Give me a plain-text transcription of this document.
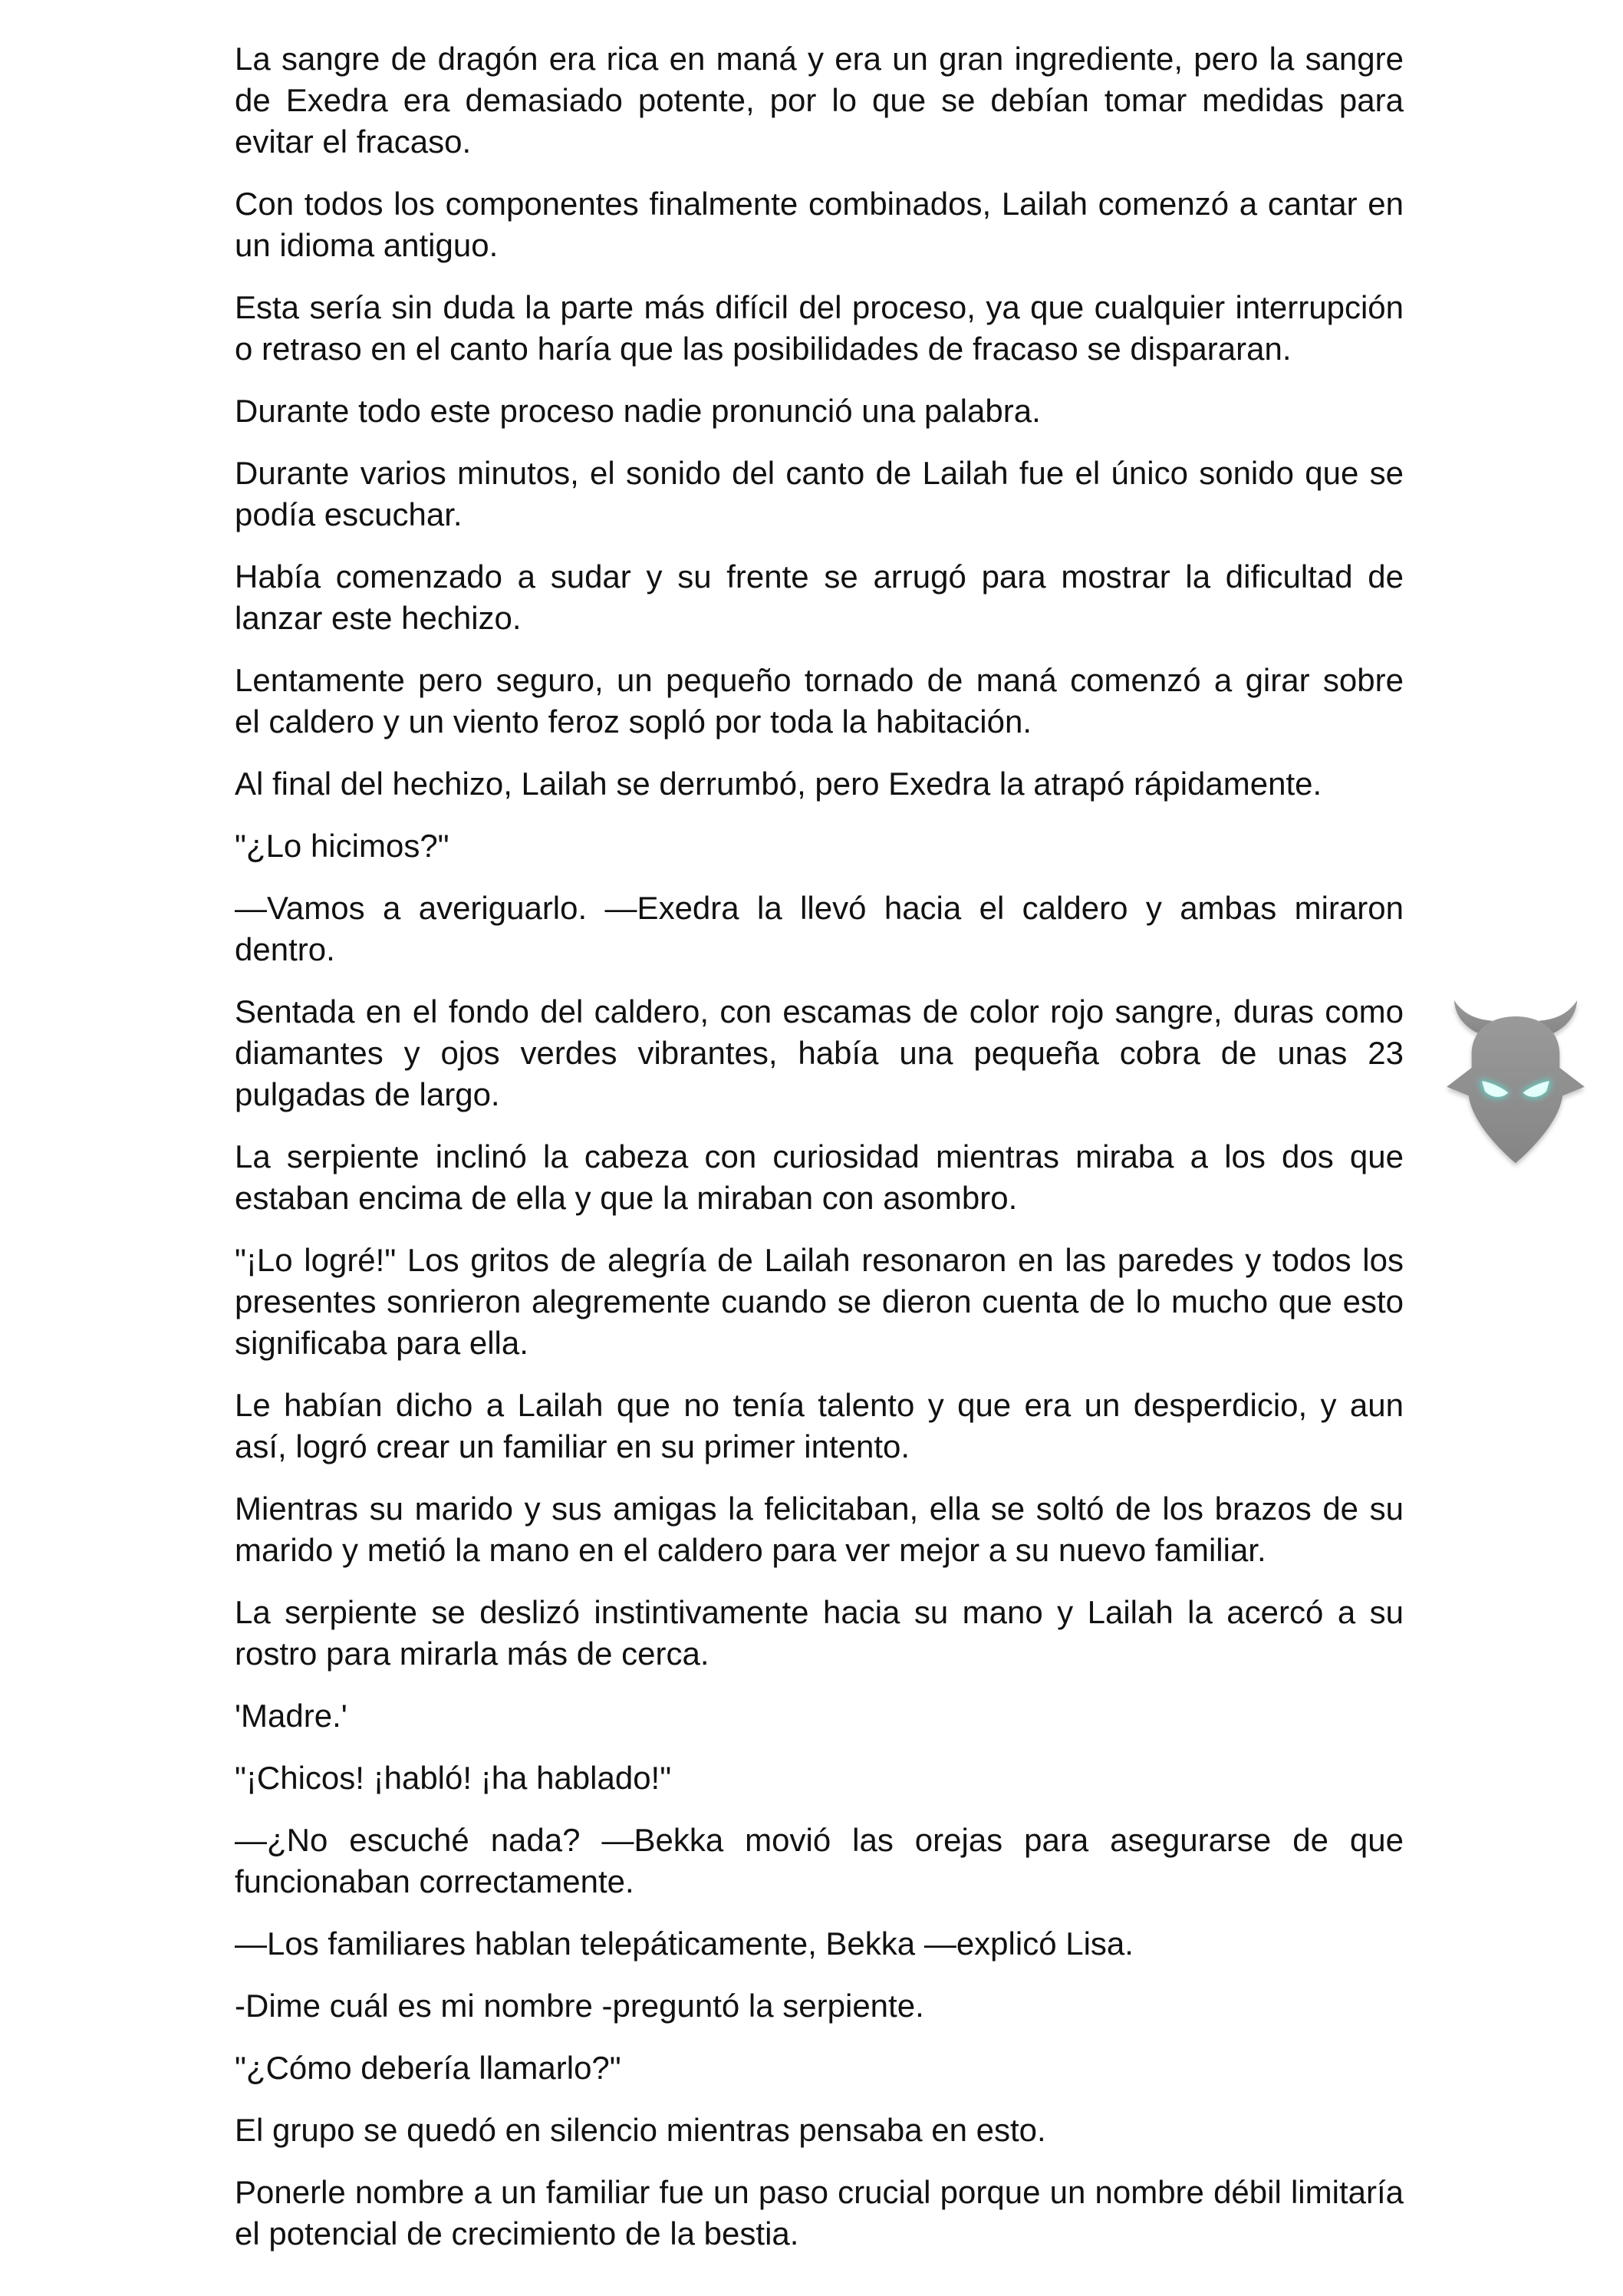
La sangre de dragón era rica en maná y era un gran ingrediente, pero la sangre
de Exedra era demasiado potente, por lo que se debían tomar medidas para
evitar el fracaso.

Con todos los componentes finalmente combinados, Lailah comenzó a cantar en
un idioma antiguo.

Esta sería sin duda la parte más difícil del proceso, ya que cualquier interrupción
o retraso en el canto haría que las posibilidades de fracaso se dispararan.

Durante todo este proceso nadie pronunció una palabra.

Durante varios minutos, el sonido del canto de Lailah fue el único sonido que se
podía escuchar.

Había comenzado a sudar y su frente se arrugó para mostrar la dificultad de
lanzar este hechizo.

Lentamente pero seguro, un pequeño tornado de maná comenzó a girar sobre
el caldero y un viento feroz sopló por toda la habitación.

Al final del hechizo, Lailah se derrumbó, pero Exedra la atrapó rápidamente.

"¿Lo hicimos?"

—Vamos a averiguarlo. —Exedra la llevó hacia el caldero y ambas miraron
dentro.

Sentada en el fondo del caldero, con escamas de color rojo sangre, duras como
diamantes y ojos verdes vibrantes, había una pequeña cobra de unas 23
pulgadas de largo.

La serpiente inclinó la cabeza con curiosidad mientras miraba a los dos que
estaban encima de ella y que la miraban con asombro.

"¡Lo logré!" Los gritos de alegría de Lailah resonaron en las paredes y todos los
presentes sonrieron alegremente cuando se dieron cuenta de lo mucho que esto
significaba para ella.

Le habían dicho a Lailah que no tenía talento y que era un desperdicio, y aun
así, logró crear un familiar en su primer intento.

Mientras su marido y sus amigas la felicitaban, ella se soltó de los brazos de su
marido y metió la mano en el caldero para ver mejor a su nuevo familiar.

La serpiente se deslizó instintivamente hacia su mano y Lailah la acercó a su
rostro para mirarla más de cerca.

'Madre.'

"¡Chicos! ¡habló! ¡ha hablado!"

—¿No escuché nada? —Bekka movió las orejas para asegurarse de que
funcionaban correctamente.

—Los familiares hablan telepáticamente, Bekka —explicó Lisa.

-Dime cuál es mi nombre -preguntó la serpiente.

"¿Cómo debería llamarlo?"

El grupo se quedó en silencio mientras pensaba en esto.

Ponerle nombre a un familiar fue un paso crucial porque un nombre débil limitaría
el potencial de crecimiento de la bestia.
